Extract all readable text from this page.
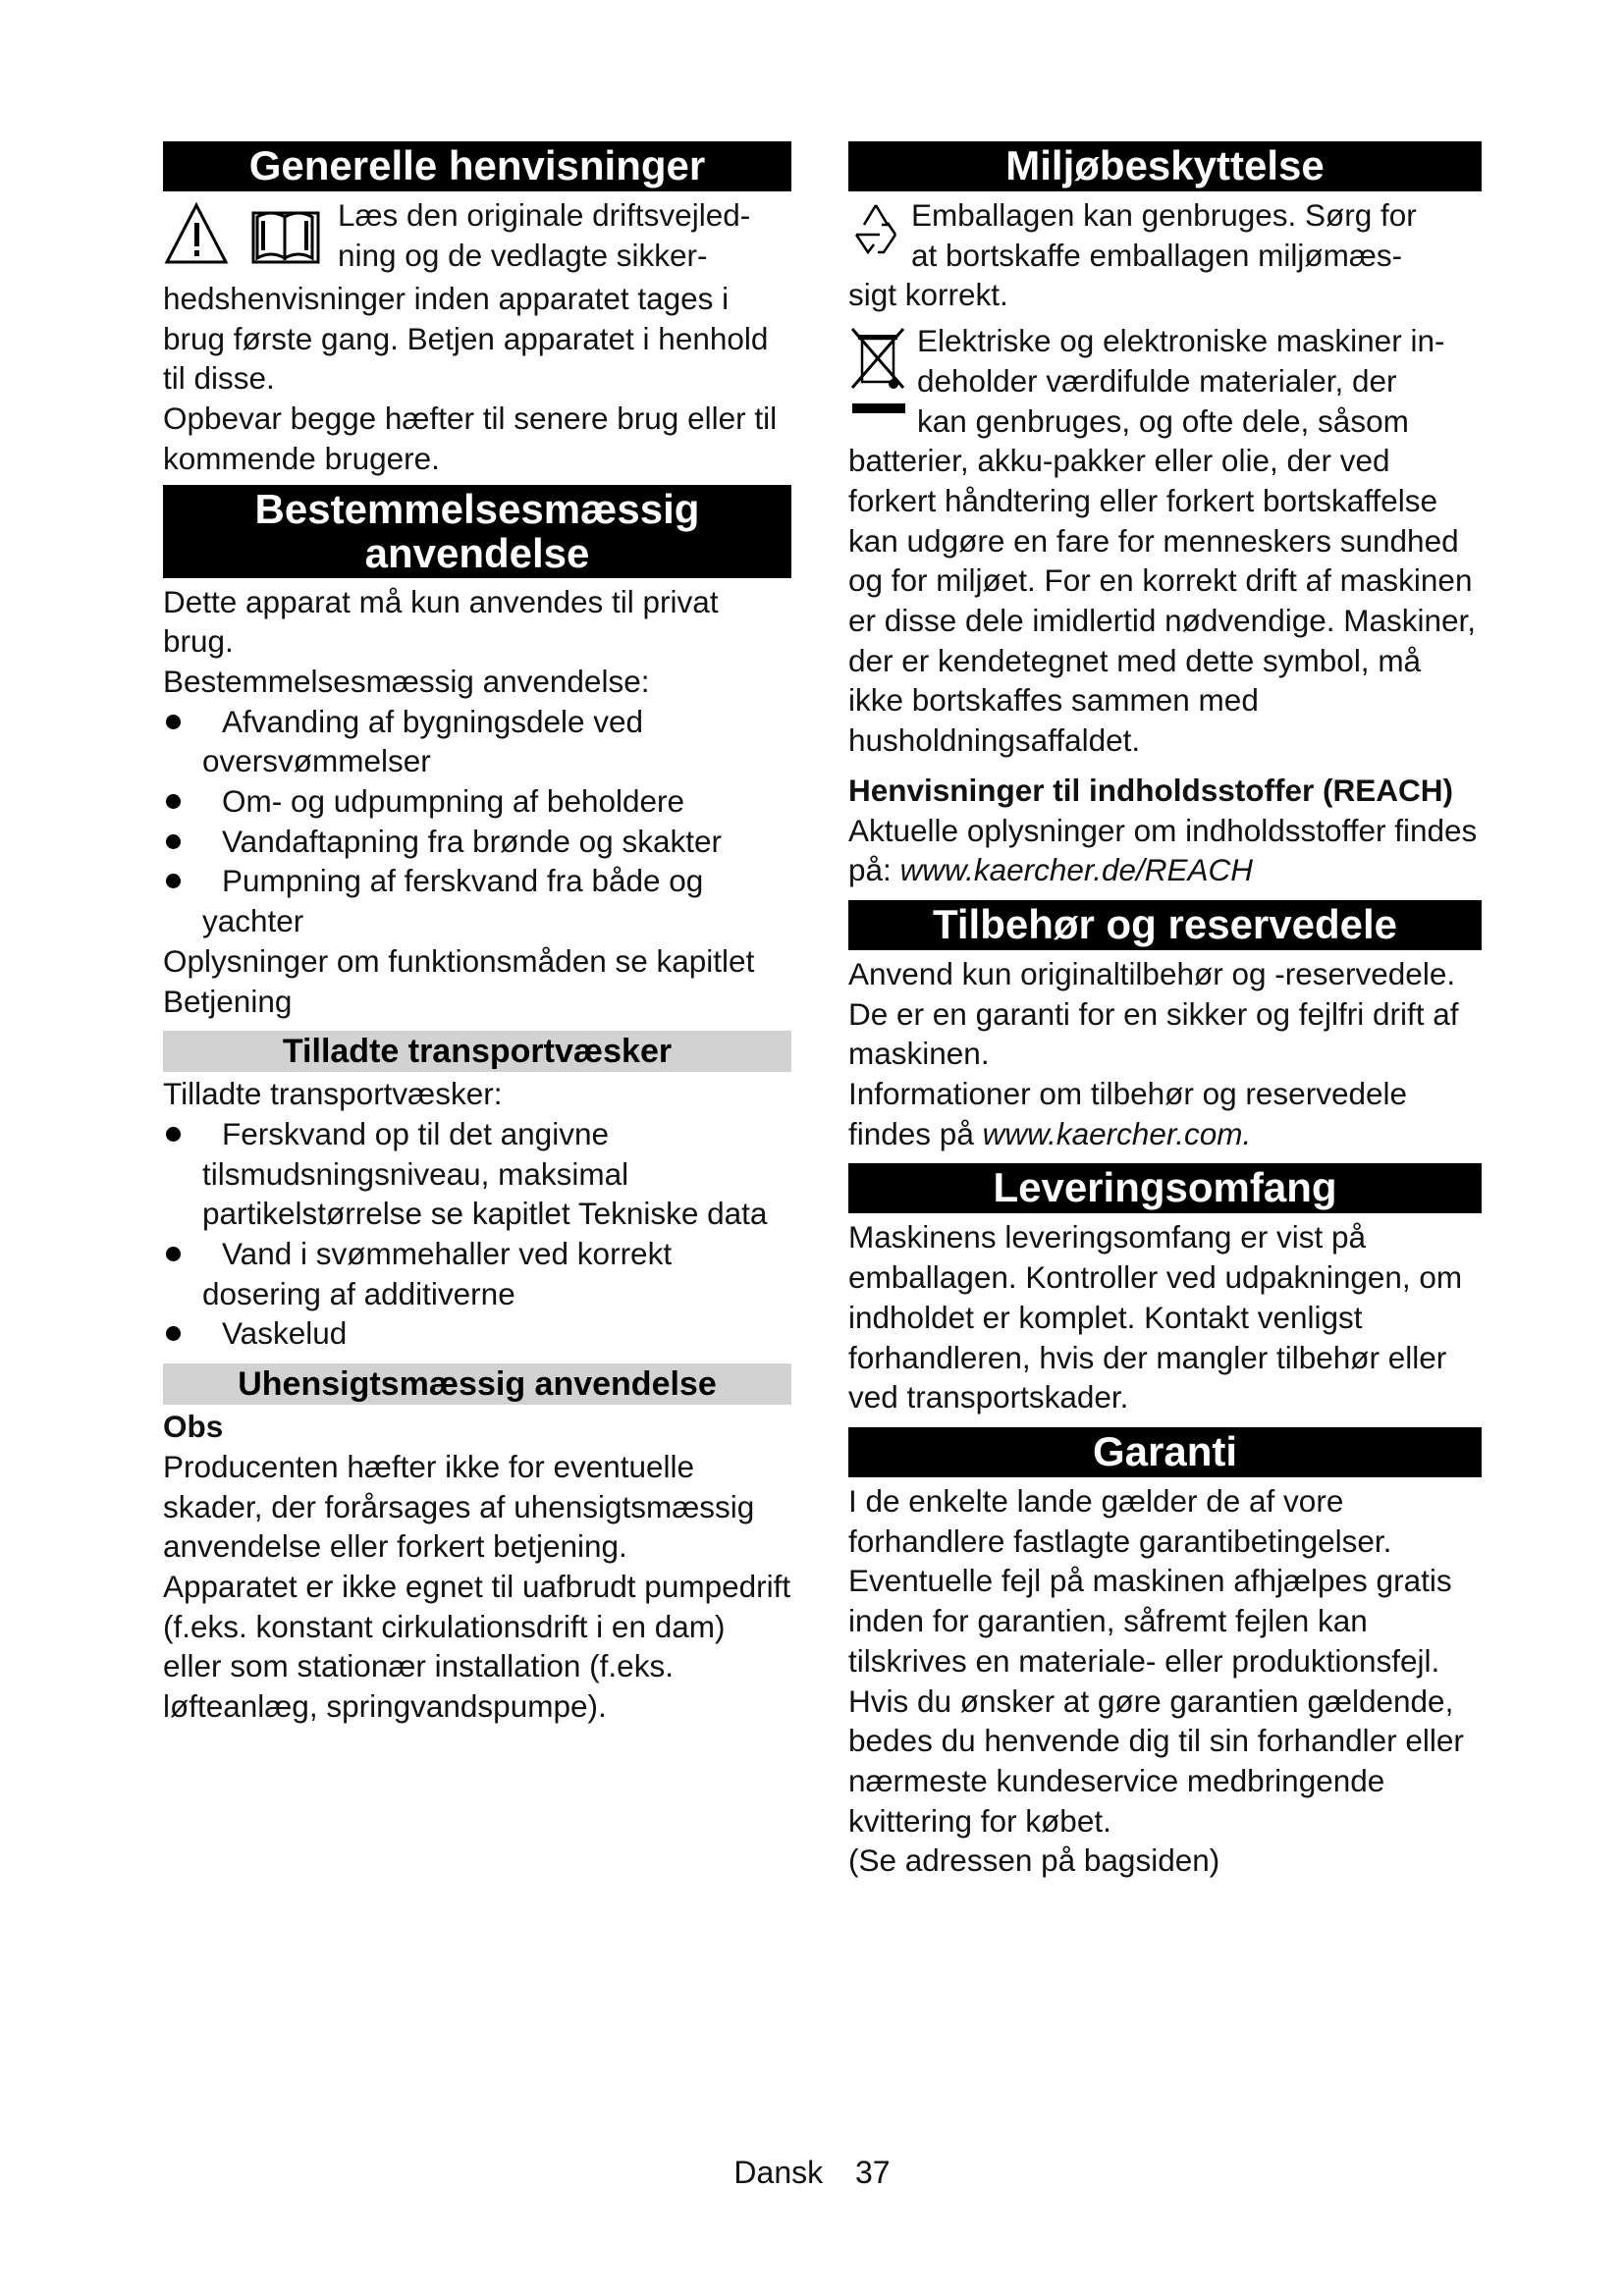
Generelle henvisninger

Læs den originale driftsvejled-

ning og de vedlagte sikker-

hedshenvisninger inden apparatet tages i brug første gang. Betjen apparatet i henhold til disse.

Opbevar begge hæfter til senere brug eller til kommende brugere.

Bestemmelsesmæssig
anvendelse

Dette apparat må kun anvendes til privat brug.

Bestemmelsesmæssig anvendelse:

Afvanding af bygningsdele ved oversvømmelser
Om- og udpumpning af beholdere
Vandaftapning fra brønde og skakter
Pumpning af ferskvand fra både og yachter

Oplysninger om funktionsmåden se kapitlet Betjening

Tilladte transportvæsker

Tilladte transportvæsker:

Ferskvand op til det angivne tilsmudsningsniveau, maksimal partikelstørrelse se kapitlet Tekniske data
Vand i svømmehaller ved korrekt dosering af additiverne
Vaskelud
Uhensigtsmæssig anvendelse

Obs

Producenten hæfter ikke for eventuelle skader, der forårsages af uhensigtsmæssig anvendelse eller forkert betjening.

Apparatet er ikke egnet til uafbrudt pumpedrift (f.eks. konstant cirkulationsdrift i en dam) eller som stationær installation (f.eks. løfteanlæg, springvandspumpe).

Miljøbeskyttelse

Emballagen kan genbruges. Sørg for

at bortskaffe emballagen miljømæs-

sigt korrekt.

Elektriske og elektroniske maskiner in-

deholder værdifulde materialer, der

kan genbruges, og ofte dele, såsom

batterier, akku-pakker eller olie, der ved forkert håndtering eller forkert bortskaffelse kan udgøre en fare for menneskers sundhed og for miljøet. For en korrekt drift af maskinen er disse dele imidlertid nødvendige. Maskiner, der er kendetegnet med dette symbol, må ikke bortskaffes sammen med husholdningsaffaldet.

Henvisninger til indholdsstoffer (REACH)

Aktuelle oplysninger om indholdsstoffer findes på: www.kaercher.de/REACH

Tilbehør og reservedele

Anvend kun originaltilbehør og -reservedele. De er en garanti for en sikker og fejlfri drift af maskinen.

Informationer om tilbehør og reservedele findes på www.kaercher.com.

Leveringsomfang

Maskinens leveringsomfang er vist på emballagen. Kontroller ved udpakningen, om indholdet er komplet. Kontakt venligst forhandleren, hvis der mangler tilbehør eller ved transportskader.

Garanti

I de enkelte lande gælder de af vore forhandlere fastlagte garantibetingelser.

Eventuelle fejl på maskinen afhjælpes gratis inden for garantien, såfremt fejlen kan tilskrives en materiale- eller produktionsfejl.

Hvis du ønsker at gøre garantien gældende, bedes du henvende dig til sin forhandler eller nærmeste kundeservice medbringende kvittering for købet.

(Se adressen på bagsiden)

Dansk 37
